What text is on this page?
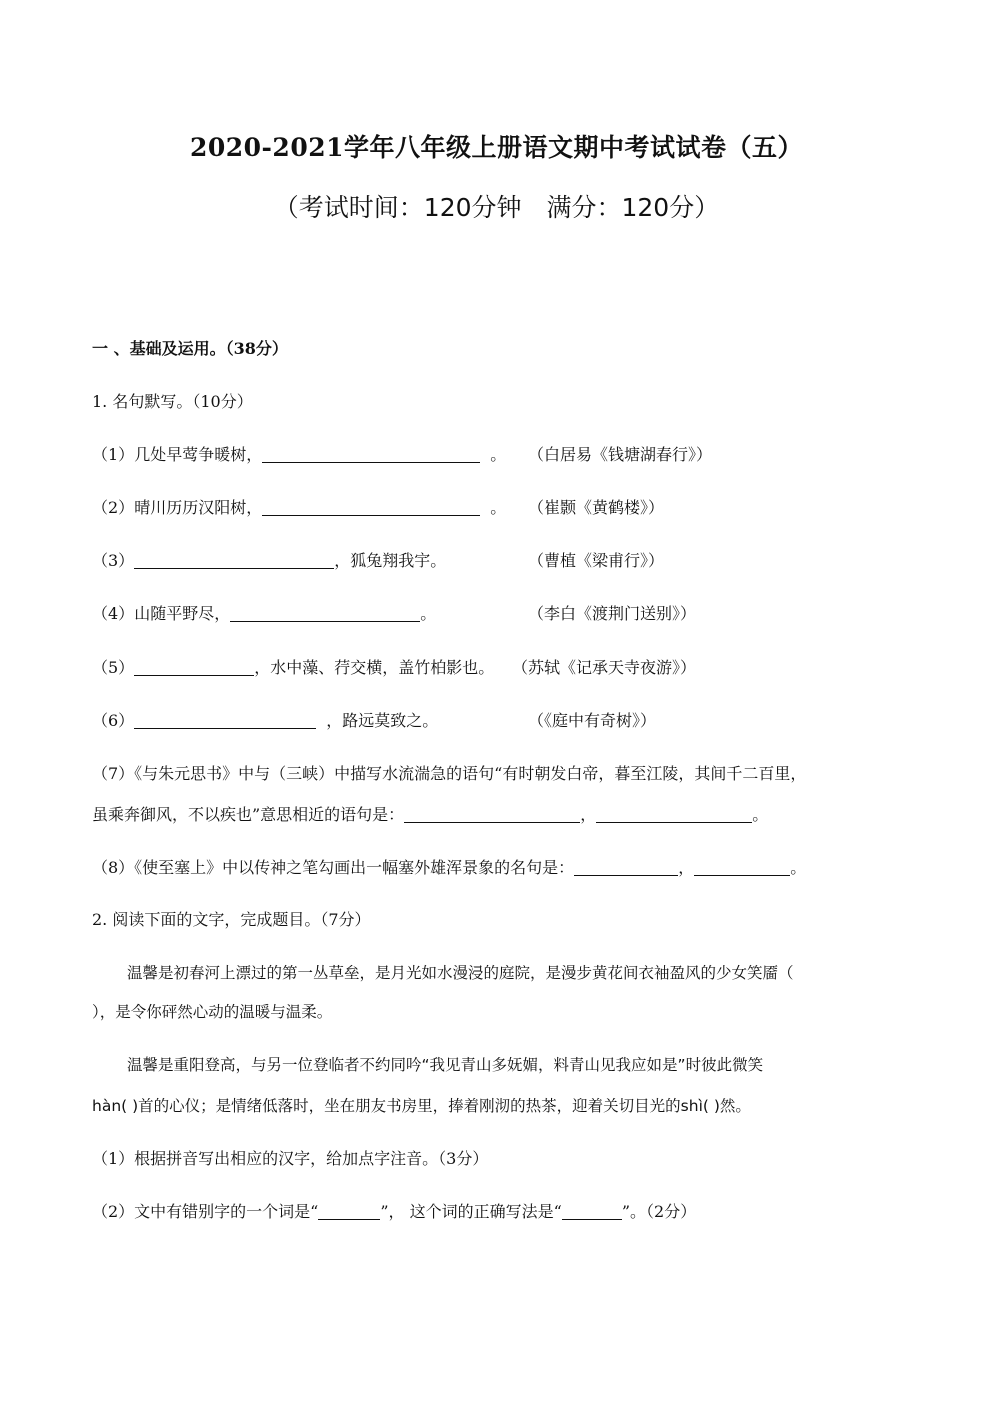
2020-2021学年八年级上册语文期中考试试卷（五）
（考试时间：120分钟　满分：120分）
一 、基础及运用。（38分）
1. 名句默写。（10分）
（1）几处早莺争暖树，	。 （白居易《钱塘湖春行》）
（2）晴川历历汉阳树，	。 （崔颢《黄鹤楼》）
（3）	，狐兔翔我宇。	（曹植《梁甫行》）
（4）山随平野尽，	。	（李白《渡荆门送别》）
（5）	，水中藻、荇交横，盖竹柏影也。 （苏轼《记承天寺夜游》）
（6）	，路远莫致之。	（《庭中有奇树》）
（7）《与朱元思书》中与（三峡）中描写水流湍急的语句“有时朝发白帝，暮至江陵，其间千二百里，
虽乘奔御风，不以疾也”意思相近的语句是：	，	。
（8）《使至塞上》中以传神之笔勾画出一幅塞外雄浑景象的名句是：	，	。
2. 阅读下面的文字，完成题目。（7分）
温馨是初春河上漂过的第一丛草垒，是月光如水漫浸的庭院，是漫步黄花间衣袖盈风的少女笑靥（
），是令你砰然心动的温暖与温柔。
温馨是重阳登高，与另一位登临者不约同吟“我见青山多妩媚，料青山见我应如是”时彼此微笑
hàn( )首的心仪；是情绪低落时，坐在朋友书房里，捧着刚沏的热茶，迎着关切目光的shì( )然。
（1）根据拼音写出相应的汉字，给加点字注音。（3分）
（2）文中有错别字的一个词是“	”， 这个词的正确写法是“	”。（2分）
